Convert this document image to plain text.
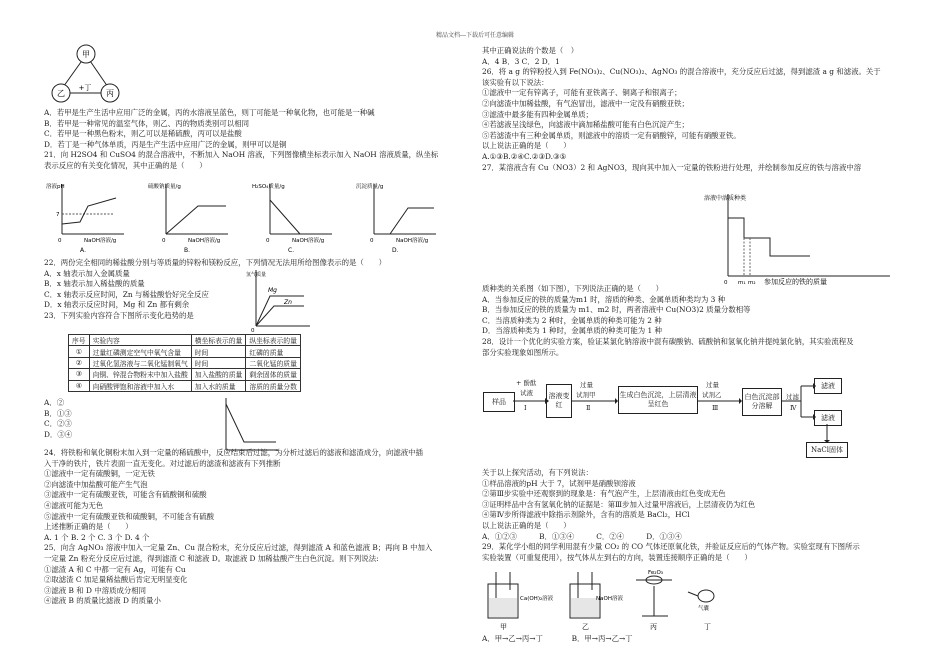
精品文档---下载后可任意编辑
甲
乙	丙
+丁
A．若甲是生产生活中应用广泛的金属，丙的水溶液呈蓝色，则丁可能是一种氧化物，也可能是一种碱
B．若甲是一种常见的温室气体，则乙、丙的物质类别可以相同
C．若甲是一种黑色粉末，则乙可以是稀硫酸，丙可以是盐酸
D．若丁是一种气体单质，丙是生产生活中应用广泛的金属，则甲可以是铜
21．向 H2SO4 和 CuSO4 的混合溶液中，不断加入 NaOH 溶液，下列图像横坐标表示加入 NaOH 溶液质量，纵坐标
表示反应的有关变化情况，其中正确的是（　　）
溶液pH
7
0	NaOH溶液/g
A．
硫酸钠质量/g
0	NaOH溶液/g
B．
H₂SO₄质量/g
0	NaOH溶液/g
C．
沉淀质量/g
0	NaOH溶液/g
D．
22．两份完全相同的稀盐酸分别与等质量的锌粉和镁粉反应，下列情况无法用所给图像表示的是（　　）
A．x 轴表示加入金属质量
B．x 轴表示加入稀盐酸的质量
C．x 轴表示反应时间，Zn 与稀盐酸恰好完全反应
D．x 轴表示反应时间，Mg 和 Zn 都有剩余
23．下列实验内容符合下图所示变化趋势的是
氢气质量
Mg
Zn
0
序号	实验内容	横坐标表示的量	纵坐标表示的量
①	过量红磷测定空气中氧气含量	时间	红磷的质量
②	过氧化氢溶液与二氧化锰制氧气	时间	二氧化锰的质量
③	向铜、锌混合物粉末中加入盐酸	加入盐酸的质量	剩余固体的质量
④	向硝酸钾饱和溶液中加入水	加入水的质量	溶质的质量分数
A．②
B．①③
C．②③
D．③④
24．将铁粉和氧化铜粉末加入到一定量的稀硫酸中，反应结束后过滤，为分析过滤后的滤液和滤渣成分，向滤液中插
入干净的铁片，铁片表面一直无变化。对过滤后的滤渣和滤液有下列推断
①滤液中一定有硫酸铜，一定无铁
②向滤渣中加盐酸可能产生气泡
③滤液中一定有硫酸亚铁，可能含有硫酸铜和硫酸
④滤液可能为无色
⑤滤液中一定有硫酸亚铁和硫酸铜，不可能含有硫酸
上述推断正确的是（　　）
A. 1 个 B. 2 个 C. 3 个 D. 4 个
25．向含 AgNO₃ 溶液中加入一定量 Zn、Cu 混合粉末，充分反应后过滤，得到滤渣 A 和蓝色滤液 B；再向 B 中加入
一定量 Zn 粉充分反应后过滤，得到滤渣 C 和滤液 D。取滤液 D 加稀盐酸产生白色沉淀。则下列说法:
①滤渣 A 和 C 中都一定有 Ag，可能有 Cu
②取滤渣 C 加足量稀盐酸后肯定无明显变化
③滤液 B 和 D 中溶质成分相同
④滤液 B 的质量比滤液 D 的质量小
其中正确说法的个数是（　）
A．4 B．3 C．2 D．1
26．将 a g 的锌粉投入到 Fe(NO₃)₂、Cu(NO₃)₂、AgNO₃ 的混合溶液中，充分反应后过滤，得到滤渣 a g 和滤液。关于
该实验有以下说法：
①滤液中一定有锌离子，可能有亚铁离子、铜离子和银离子；
②向滤渣中加稀盐酸，有气泡冒出，滤液中一定没有硝酸亚铁；
③滤渣中最多能有四种金属单质；
④若滤液呈浅绿色，向滤液中滴加稀盐酸可能有白色沉淀产生；
⑤若滤渣中有三种金属单质，则滤液中的溶质一定有硝酸锌，可能有硝酸亚铁。
以上说法正确的是（　　）
A.①③B.②④C.②③D.③⑤
27．某溶液含有 Cu（NO3）2 和 AgNO3，现向其中加入一定量的铁粉进行处理，并绘制参加反应的铁与溶液中溶
溶液中溶质种类
0 m₁ m₂ 参加反应的铁的质量
质种类的关系图（如下图），下列说法正确的是（　　）
A．当参加反应的铁的质量为m1 时，溶质的种类、金属单质种类均为 3 种
B．当参加反应的铁的质量为 m1、m2 时，两者溶液中 Cu(NO3)2 质量分数相等
C．当溶质种类为 2 种时，金属单质的种类可能为 2 种
D．当溶质种类为 1 种时，金属单质的种类可能为 1 种
28．设计一个优化的实验方案，验证某氯化钠溶液中混有碳酸钠、硫酸钠和氢氧化钠并提纯氯化钠，其实验流程及
部分实验现象如图所示。
样品
+ 酚酞
试液
Ⅰ
溶液变红
过量
试剂甲
Ⅱ
生成白色沉淀，上层清液呈红色
过量
试剂乙
Ⅲ
白色沉淀部分溶解
过滤
Ⅳ
滤液
滤液
NaCl固体
关于以上探究活动，有下列说法：
①样品溶液的pH 大于 7，试剂甲是硝酸钡溶液
②第Ⅲ步实验中还观察到的现象是：有气泡产生，上层清液由红色变成无色
③证明样品中含有氢氧化钠的证据是：第Ⅲ步加入过量甲溶液后，上层清夜仍为红色
④第Ⅳ步所得滤液中除指示剂除外，含有的溶质是 BaCl₂，HCl
以上说法正确的是（　　）
A．①②③　　　B．①③④　　　C．②④　　　D．①③④
29．某化学小组的同学利用混有少量 CO₂ 的 CO 气体还原氧化铁，并验证反应后的气体产物。实验室现有下图所示
实验装置（可重复使用），按气体从左到右的方向，装置连接顺序正确的是（　　）
Ca(OH)₂溶液
甲
NaOH溶液
乙
Fe₂O₃
丙
气囊
丁
A．甲→乙→丙→丁	B．甲→丙→乙→丁
